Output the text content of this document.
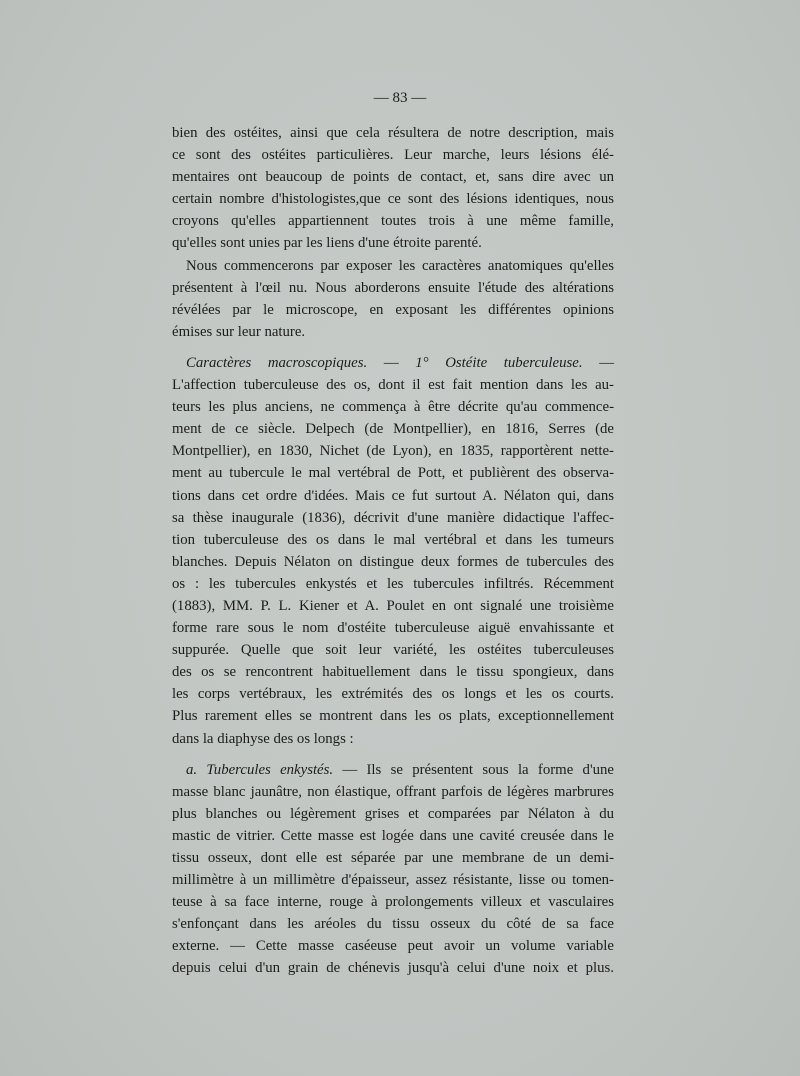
— 83 —
bien des ostéites, ainsi que cela résultera de notre description, mais
ce sont des ostéites particulières. Leur marche, leurs lésions élé-
mentaires ont beaucoup de points de contact, et, sans dire avec un
certain nombre d'histologistes,que ce sont des lésions identiques, nous
croyons qu'elles appartiennent toutes trois à une même famille,
qu'elles sont unies par les liens d'une étroite parenté.
Nous commencerons par exposer les caractères anatomiques qu'elles
présentent à l'œil nu. Nous aborderons ensuite l'étude des altérations
révélées par le microscope, en exposant les différentes opinions
émises sur leur nature.
Caractères macroscopiques. — 1° Ostéite tuberculeuse. —
L'affection tuberculeuse des os, dont il est fait mention dans les au-
teurs les plus anciens, ne commença à être décrite qu'au commence-
ment de ce siècle. Delpech (de Montpellier), en 1816, Serres (de
Montpellier), en 1830, Nichet (de Lyon), en 1835, rapportèrent nette-
ment au tubercule le mal vertébral de Pott, et publièrent des observa-
tions dans cet ordre d'idées. Mais ce fut surtout A. Nélaton qui, dans
sa thèse inaugurale (1836), décrivit d'une manière didactique l'affec-
tion tuberculeuse des os dans le mal vertébral et dans les tumeurs
blanches. Depuis Nélaton on distingue deux formes de tubercules des
os : les tubercules enkystés et les tubercules infiltrés. Récemment
(1883), MM. P. L. Kiener et A. Poulet en ont signalé une troisième
forme rare sous le nom d'ostéite tuberculeuse aiguë envahissante et
suppurée. Quelle que soit leur variété, les ostéites tuberculeuses
des os se rencontrent habituellement dans le tissu spongieux, dans
les corps vertébraux, les extrémités des os longs et les os courts.
Plus rarement elles se montrent dans les os plats, exceptionnellement
dans la diaphyse des os longs :
a. Tubercules enkystés. — Ils se présentent sous la forme d'une
masse blanc jaunâtre, non élastique, offrant parfois de légères marbrures
plus blanches ou légèrement grises et comparées par Nélaton à du
mastic de vitrier. Cette masse est logée dans une cavité creusée dans le
tissu osseux, dont elle est séparée par une membrane de un demi-
millimètre à un millimètre d'épaisseur, assez résistante, lisse ou tomen-
teuse à sa face interne, rouge à prolongements villeux et vasculaires
s'enfonçant dans les aréoles du tissu osseux du côté de sa face
externe. — Cette masse caséeuse peut avoir un volume variable
depuis celui d'un grain de chénevis jusqu'à celui d'une noix et plus.
